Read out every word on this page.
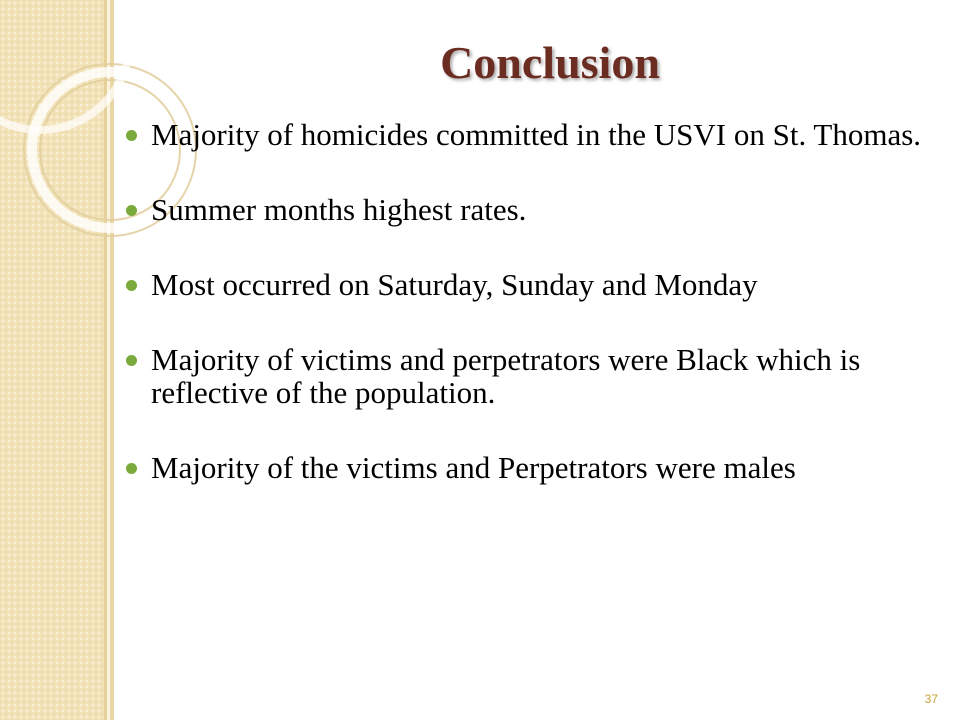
Conclusion
Majority of homicides committed in the USVI on St. Thomas.
Summer months highest rates.
Most occurred on Saturday, Sunday and Monday
Majority of victims and perpetrators were Black which is reflective of the population.
Majority of the victims and Perpetrators were males
37
